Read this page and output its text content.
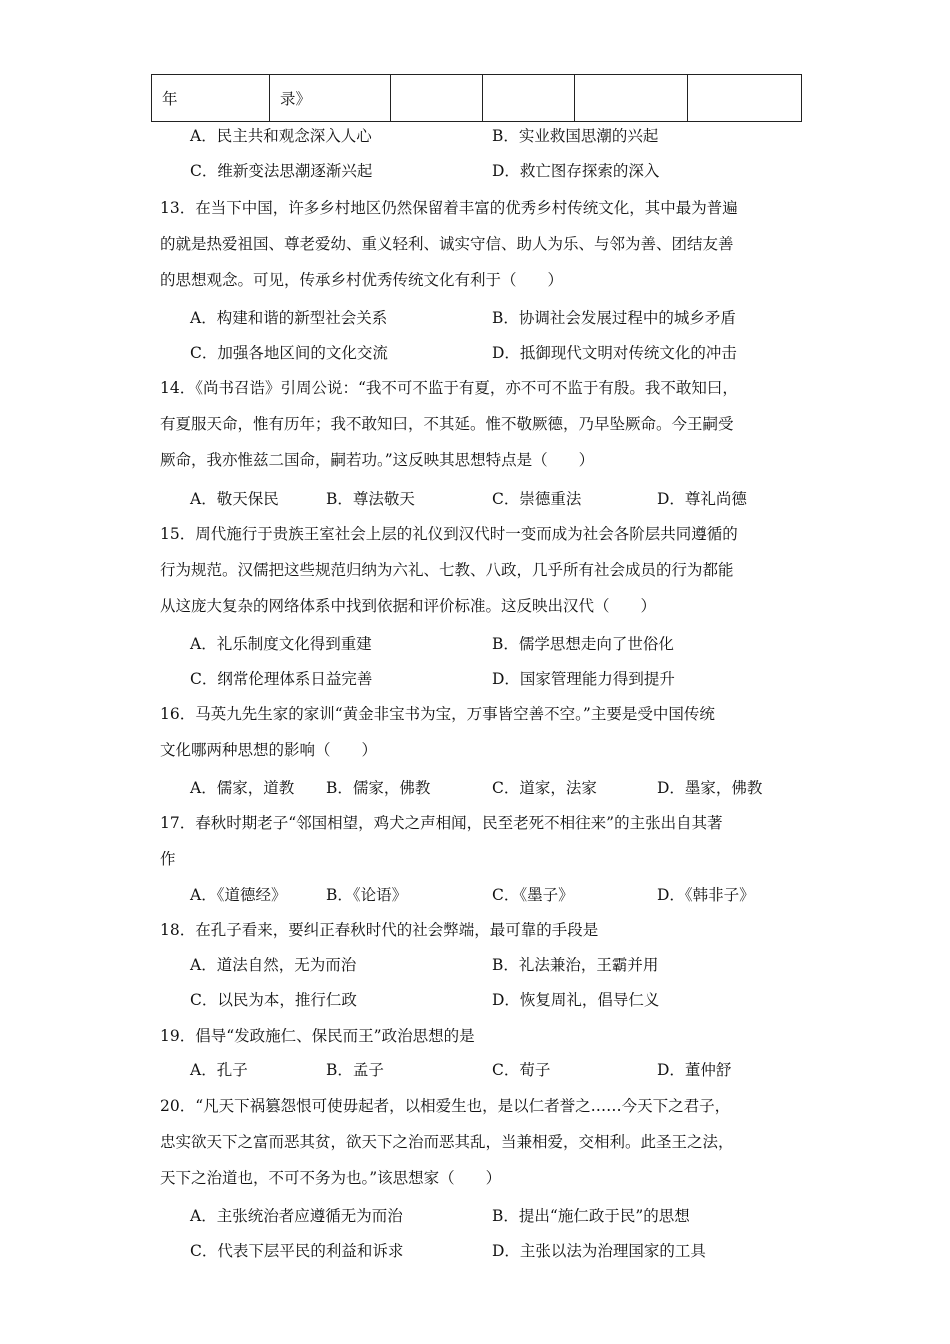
年	录》				
A．民主共和观念深入人心	B．实业救国思潮的兴起
C．维新变法思潮逐渐兴起	D．救亡图存探索的深入
13．在当下中国，许多乡村地区仍然保留着丰富的优秀乡村传统文化，其中最为普遍
的就是热爱祖国、尊老爱幼、重义轻利、诚实守信、助人为乐、与邻为善、团结友善
的思想观念。可见，传承乡村优秀传统文化有利于（　　）
A．构建和谐的新型社会关系	B．协调社会发展过程中的城乡矛盾
C．加强各地区间的文化交流	D．抵御现代文明对传统文化的冲击
14．《尚书召诰》引周公说：“我不可不监于有夏，亦不可不监于有殷。我不敢知曰，
有夏服天命，惟有历年；我不敢知曰，不其延。惟不敬厥德，乃早坠厥命。今王嗣受
厥命，我亦惟兹二国命，嗣若功。”这反映其思想特点是（　　）
A．敬天保民	B．尊法敬天	C．崇德重法	D．尊礼尚德
15．周代施行于贵族王室社会上层的礼仪到汉代时一变而成为社会各阶层共同遵循的
行为规范。汉儒把这些规范归纳为六礼、七教、八政，几乎所有社会成员的行为都能
从这庞大复杂的网络体系中找到依据和评价标准。这反映出汉代（　　）
A．礼乐制度文化得到重建	B．儒学思想走向了世俗化
C．纲常伦理体系日益完善	D．国家管理能力得到提升
16．马英九先生家的家训“黄金非宝书为宝，万事皆空善不空。”主要是受中国传统
文化哪两种思想的影响（　　）
A．儒家，道教 B．儒家，佛教	C．道家，法家	D．墨家，佛教
17．春秋时期老子“邻国相望，鸡犬之声相闻，民至老死不相往来”的主张出自其著
作
A．《道德经》	B．《论语》	C．《墨子》	D．《韩非子》
18．在孔子看来，要纠正春秋时代的社会弊端，最可靠的手段是
A．道法自然，无为而治	B．礼法兼治，王霸并用
C．以民为本，推行仁政	D．恢复周礼，倡导仁义
19．倡导“发政施仁、保民而王”政治思想的是
A．孔子	B．孟子	C．荀子	D．董仲舒
20．“凡天下祸篡怨恨可使毋起者，以相爱生也，是以仁者誉之……今天下之君子，
忠实欲天下之富而恶其贫，欲天下之治而恶其乱，当兼相爱，交相利。此圣王之法，
天下之治道也，不可不务为也。”该思想家（　　）
A．主张统治者应遵循无为而治	B．提出“施仁政于民”的思想
C．代表下层平民的利益和诉求	D．主张以法为治理国家的工具
